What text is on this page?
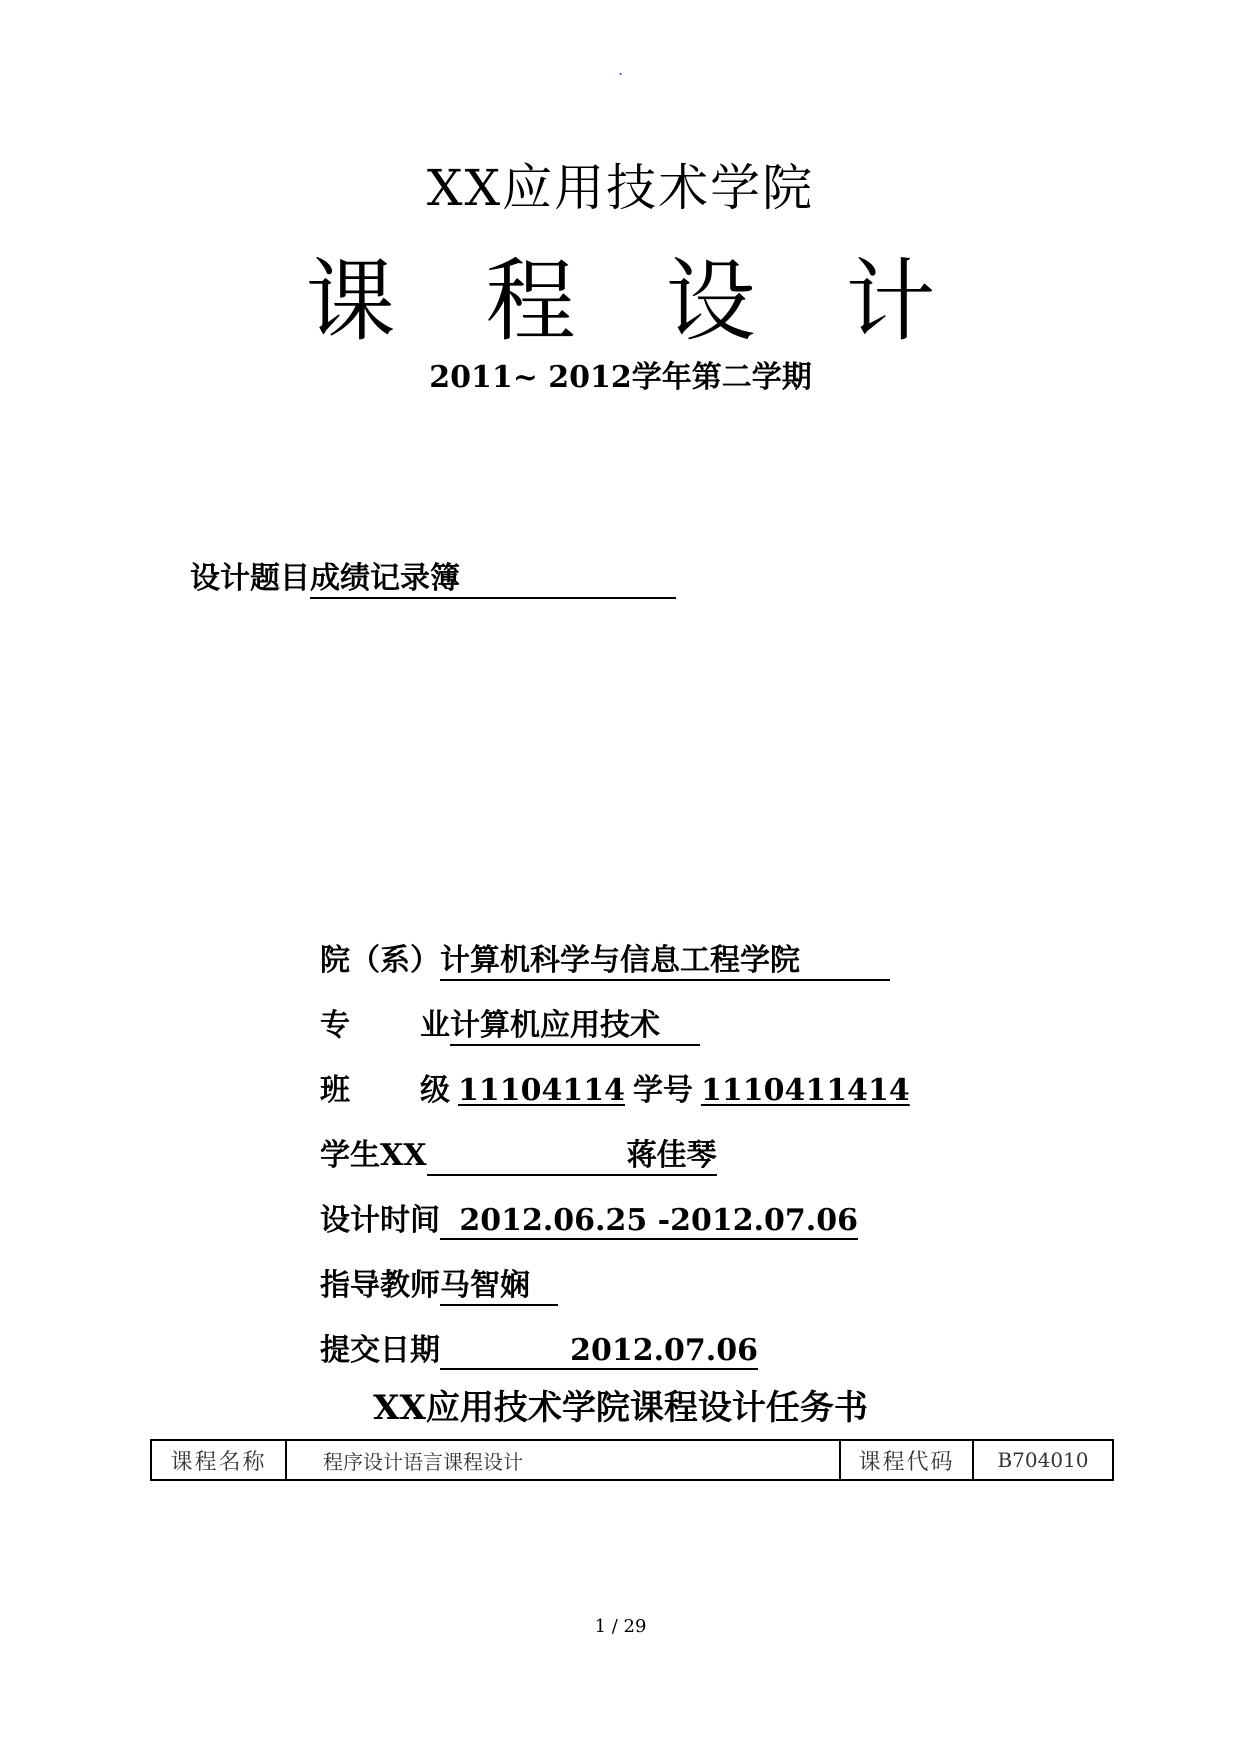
.
XX应用技术学院
课程设计
2011~ 2012学年第二学期
设计题目成绩记录簿
院（系）计算机科学与信息工程学院
专 业计算机应用技术
班 级 11104114 学号 1110411414
学生XX	蒋佳琴
设计时间 2012.06.25 -2012.07.06
指导教师马智娴
提交日期	2012.07.06
XX应用技术学院课程设计任务书
课程名称	程序设计语言课程设计	课程代码	B704010
1 / 29
